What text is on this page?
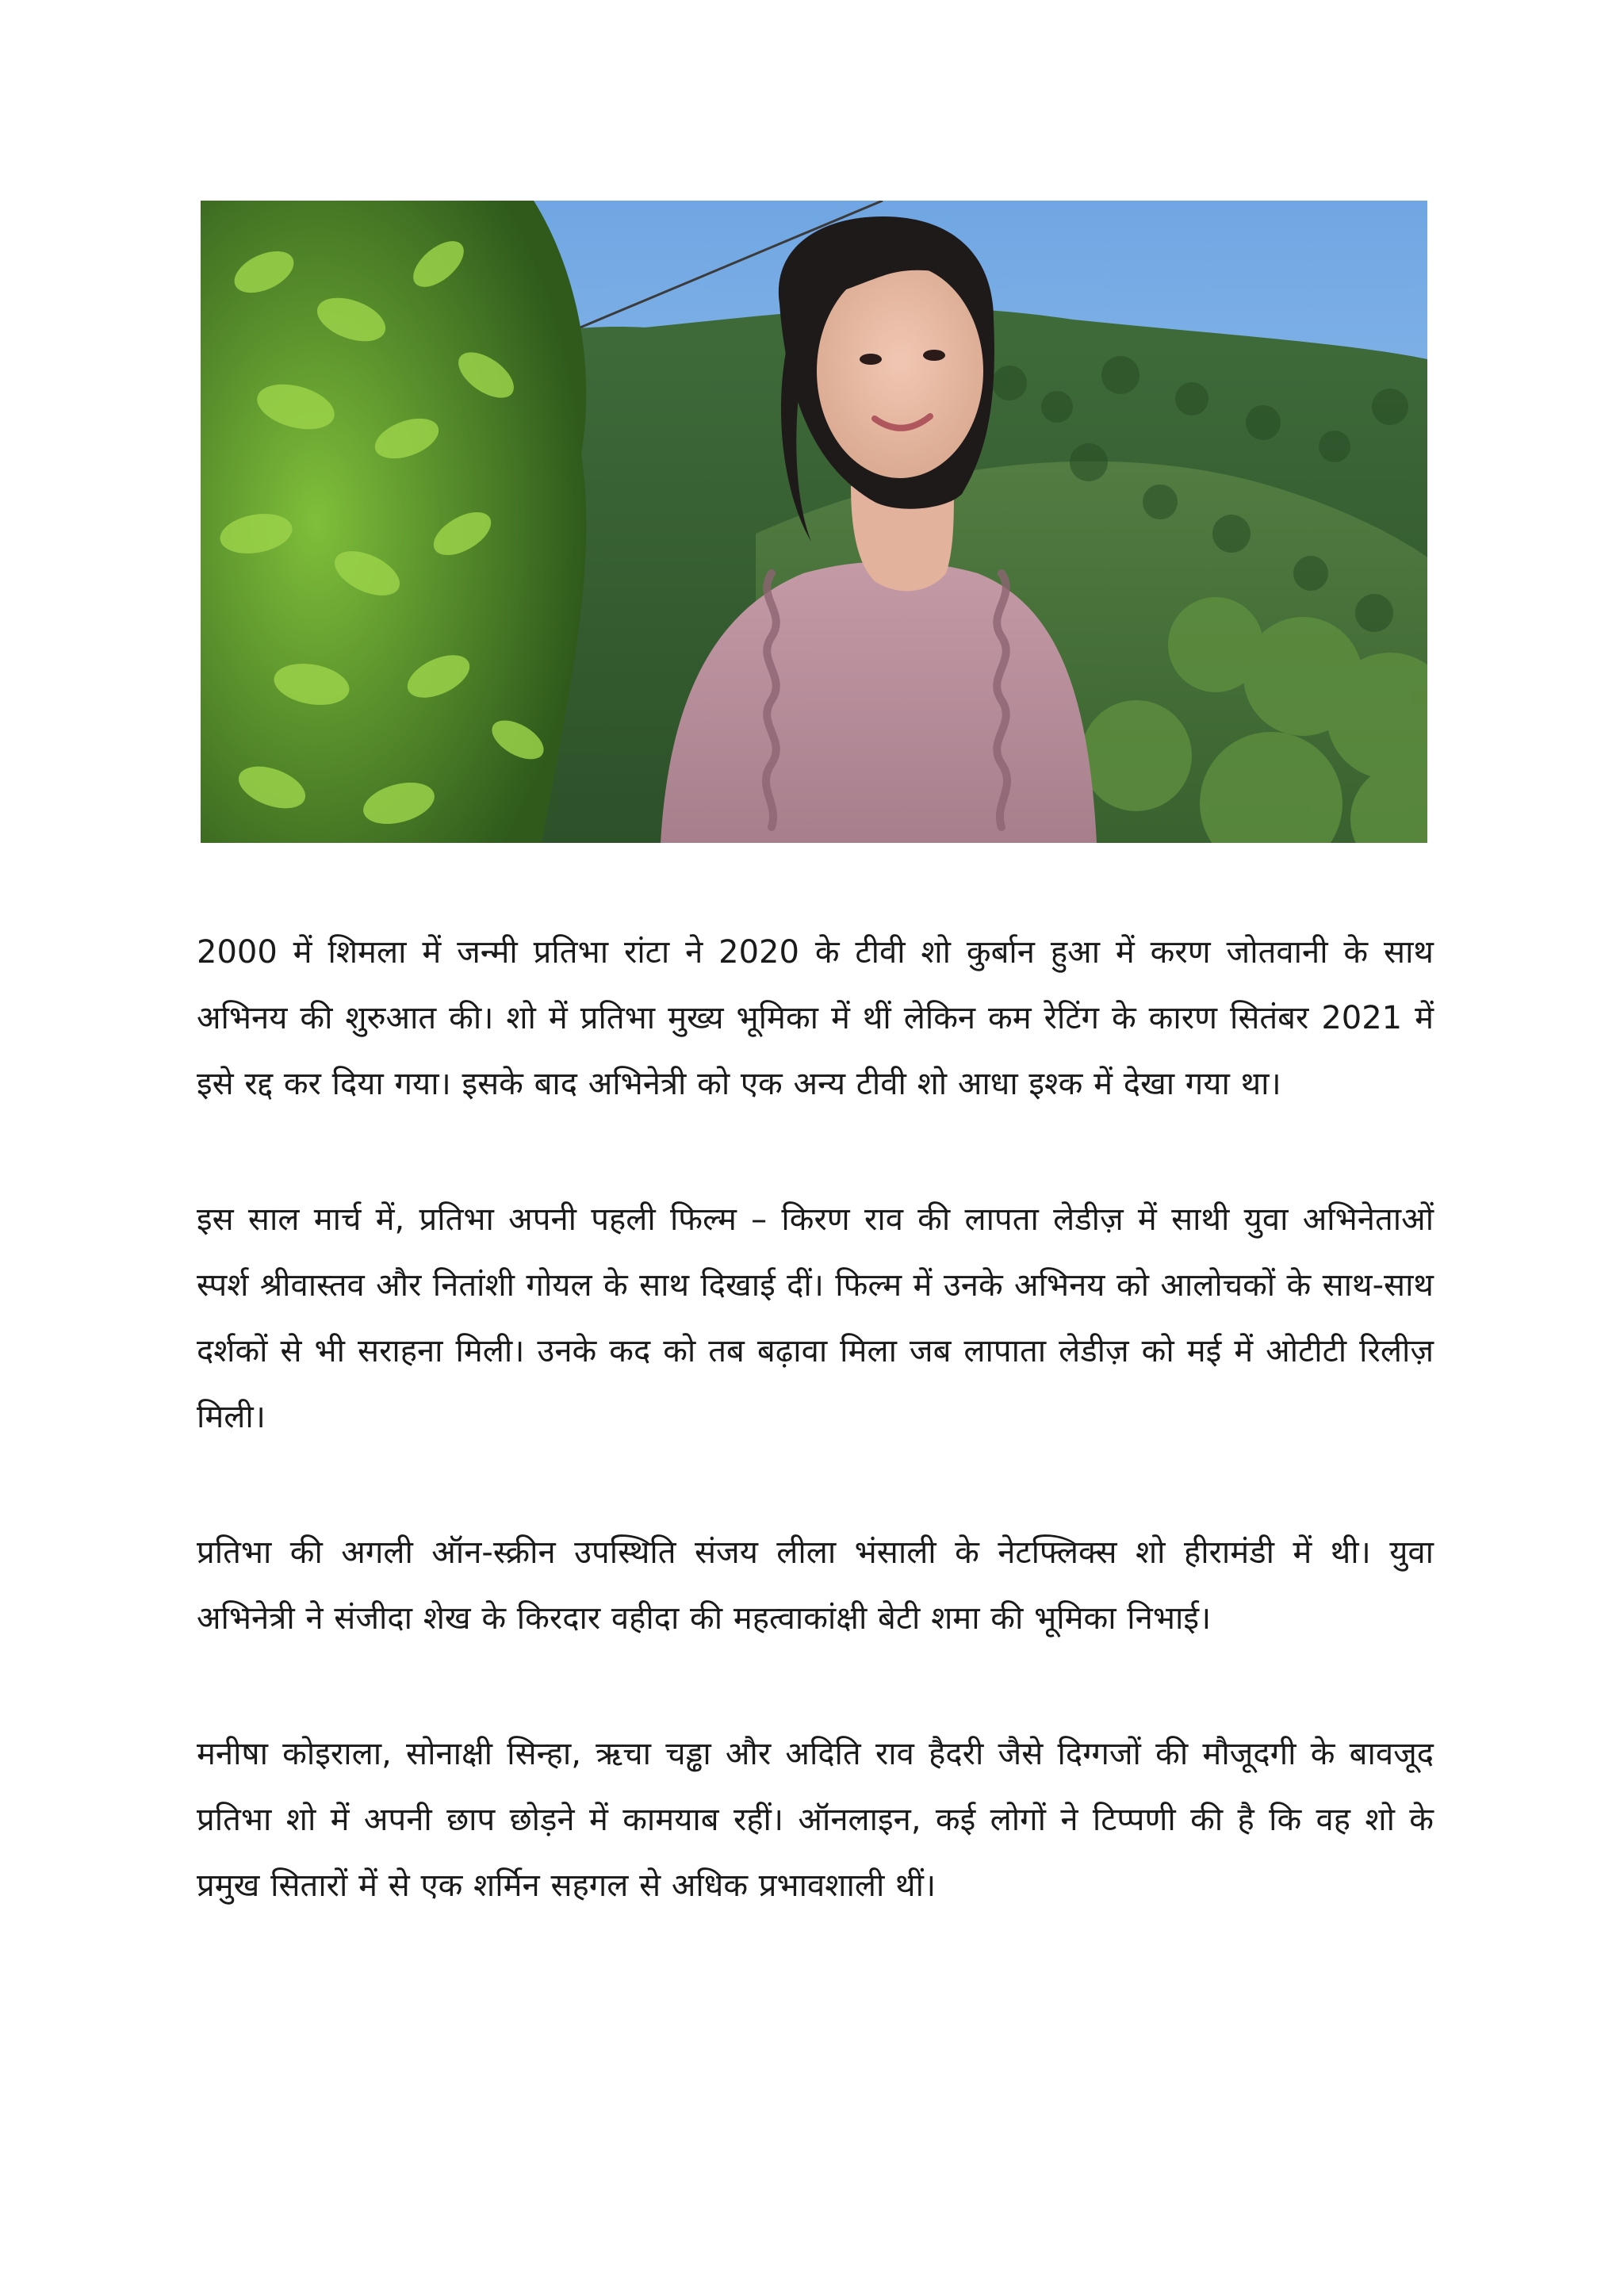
2000 में शिमला में जन्मी प्रतिभा रांटा ने 2020 के टीवी शो कुर्बान हुआ में करण जोतवानी के साथ अभिनय की शुरुआत की। शो में प्रतिभा मुख्य भूमिका में थीं लेकिन कम रेटिंग के कारण सितंबर 2021 में इसे रद्द कर दिया गया। इसके बाद अभिनेत्री को एक अन्य टीवी शो आधा इश्क में देखा गया था।

इस साल मार्च में, प्रतिभा अपनी पहली फिल्म – किरण राव की लापता लेडीज़ में साथी युवा अभिनेताओं स्पर्श श्रीवास्तव और नितांशी गोयल के साथ दिखाई दीं। फिल्म में उनके अभिनय को आलोचकों के साथ-साथ दर्शकों से भी सराहना मिली। उनके कद को तब बढ़ावा मिला जब लापाता लेडीज़ को मई में ओटीटी रिलीज़ मिली।

प्रतिभा की अगली ऑन-स्क्रीन उपस्थिति संजय लीला भंसाली के नेटफ्लिक्स शो हीरामंडी में थी। युवा अभिनेत्री ने संजीदा शेख के किरदार वहीदा की महत्वाकांक्षी बेटी शमा की भूमिका निभाई।

मनीषा कोइराला, सोनाक्षी सिन्हा, ऋचा चड्ढा और अदिति राव हैदरी जैसे दिग्गजों की मौजूदगी के बावजूद प्रतिभा शो में अपनी छाप छोड़ने में कामयाब रहीं। ऑनलाइन, कई लोगों ने टिप्पणी की है कि वह शो के प्रमुख सितारों में से एक शर्मिन सहगल से अधिक प्रभावशाली थीं।
